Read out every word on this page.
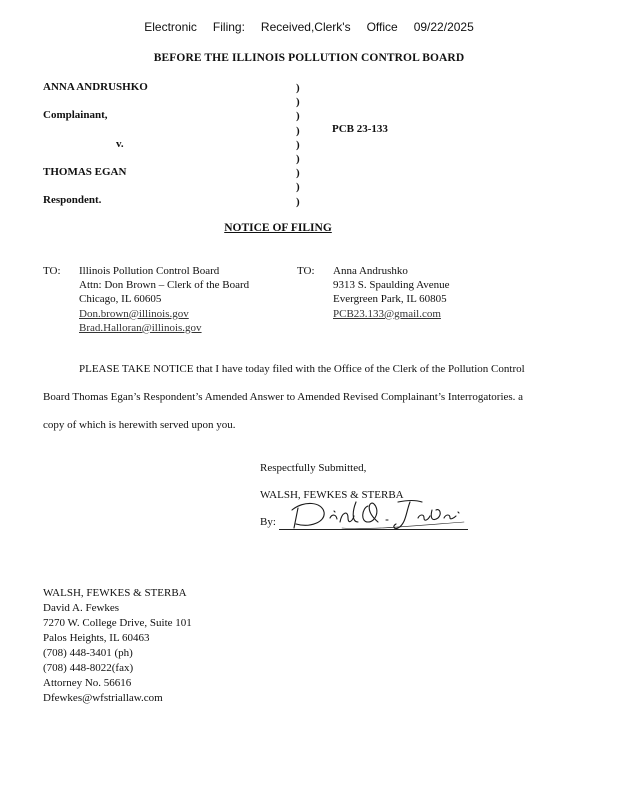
Electronic Filing: Received,Clerk's Office 09/22/2025
BEFORE THE ILLINOIS POLLUTION CONTROL BOARD
ANNA ANDRUSHKO
Complainant,
v.
THOMAS EGAN
Respondent.
PCB 23-133
)
)
)
)
)
)
)
)
)
NOTICE OF FILING
TO: Illinois Pollution Control Board
Attn: Don Brown – Clerk of the Board
Chicago, IL 60605
Don.brown@illinois.gov
Brad.Halloran@illinois.gov
TO: Anna Andrushko
9313 S. Spaulding Avenue
Evergreen Park, IL 60805
PCB23.133@gmail.com
PLEASE TAKE NOTICE that I have today filed with the Office of the Clerk of the Pollution Control
Board Thomas Egan’s Respondent’s Amended Answer to Amended Revised Complainant’s Interrogatories. a
copy of which is herewith served upon you.
Respectfully Submitted,
WALSH, FEWKES & STERBA
By:
WALSH, FEWKES & STERBA
David A. Fewkes
7270 W. College Drive, Suite 101
Palos Heights, IL 60463
(708) 448-3401 (ph)
(708) 448-8022(fax)
Attorney No. 56616
Dfewkes@wfstriallaw.com
